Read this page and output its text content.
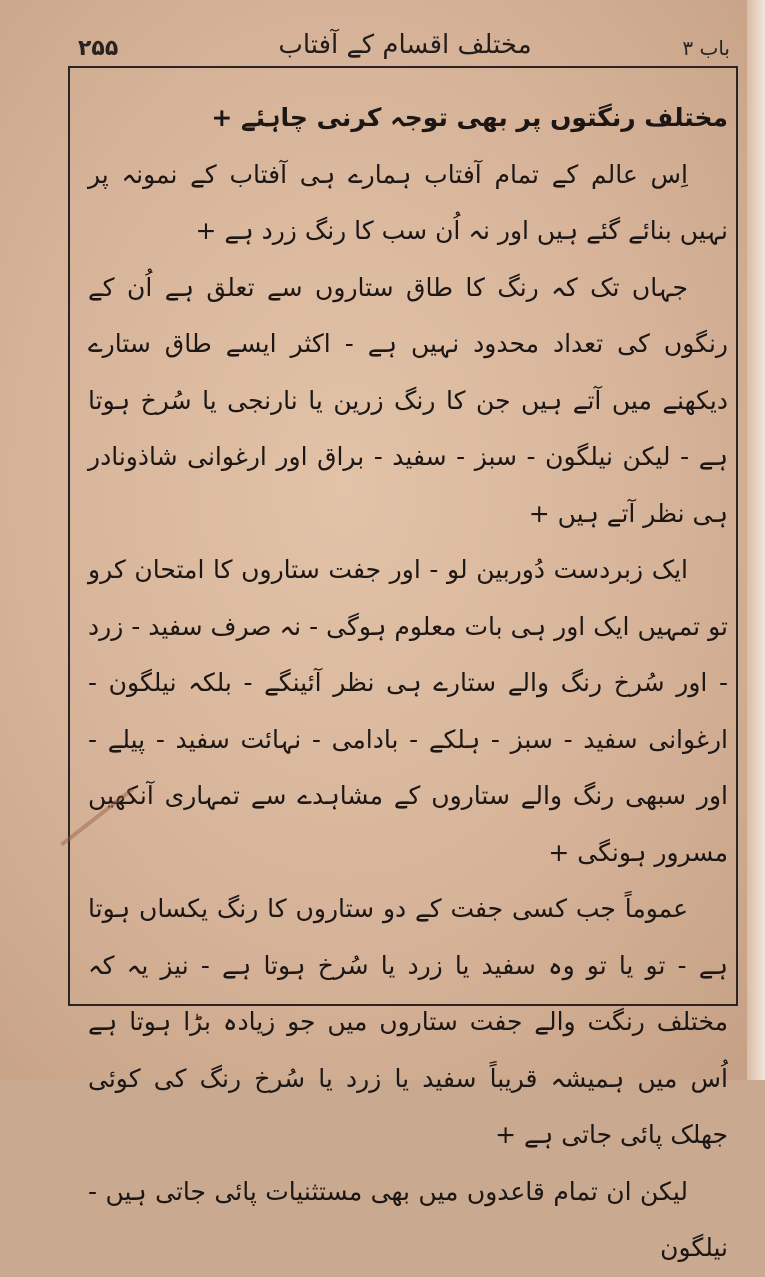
۲۵۵	مختلف اقسام کے آفتاب	باب ۳

مختلف رنگتوں پر بھی توجہ کرنی چاہئے +

اِس عالم کے تمام آفتاب ہمارے ہی آفتاب کے نمونہ پر نہیں بنائے گئے ہیں اور نہ اُن سب کا رنگ زرد ہے +

جہاں تک کہ رنگ کا طاق ستاروں سے تعلق ہے اُن کے رنگوں کی تعداد محدود نہیں ہے - اکثر ایسے طاق ستارے دیکھنے میں آتے ہیں جن کا رنگ زرین یا نارنجی یا سُرخ ہوتا ہے - لیکن نیلگون - سبز - سفید - براق اور ارغوانی شاذونادر ہی نظر آتے ہیں +

ایک زبردست دُوربین لو - اور جفت ستاروں کا امتحان کرو تو تمہیں ایک اور ہی بات معلوم ہوگی - نہ صرف سفید - زرد - اور سُرخ رنگ والے ستارے ہی نظر آئینگے - بلکہ نیلگون - ارغوانی سفید - سبز - ہلکے - بادامی - نہائت سفید - پیلے - اور سبھی رنگ والے ستاروں کے مشاہدے سے تمہاری آنکھیں مسرور ہونگی +

عموماً جب کسی جفت کے دو ستاروں کا رنگ یکساں ہوتا ہے - تو یا تو وہ سفید یا زرد یا سُرخ ہوتا ہے - نیز یہ کہ مختلف رنگت والے جفت ستاروں میں جو زیادہ بڑا ہوتا ہے اُس میں ہمیشہ قریباً سفید یا زرد یا سُرخ رنگ کی کوئی جھلک پائی جاتی ہے +

لیکن ان تمام قاعدوں میں بھی مستثنیات پائی جاتی ہیں - نیلگون
